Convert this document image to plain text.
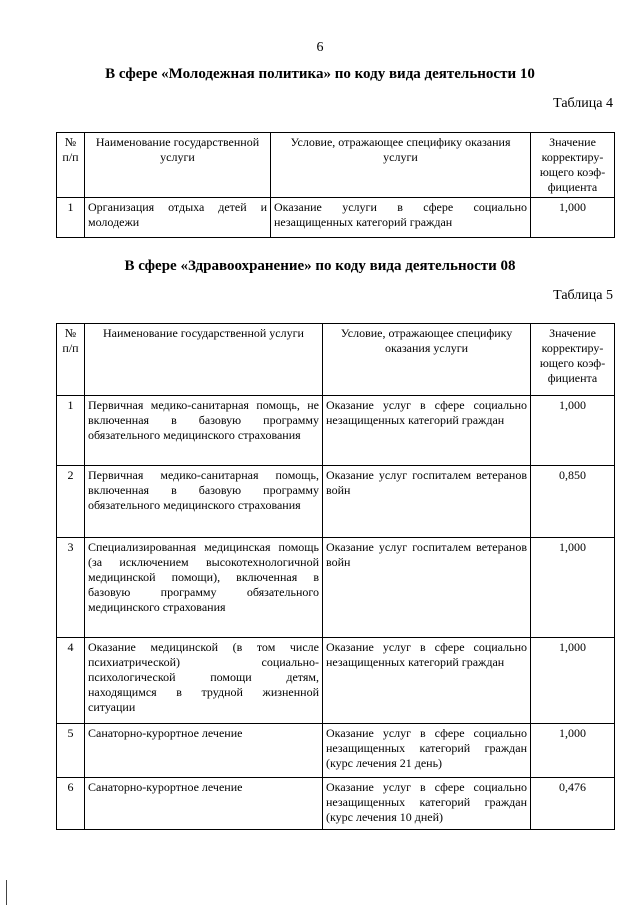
6
В сфере «Молодежная политика» по коду вида деятельности 10
Таблица 4
№ п/п	Наименование государственной услуги	Условие, отражающее специфику оказания услуги	Значение корректиру-ющего коэф-фициента
1	Организация отдыха детей и молодежи	Оказание услуги в сфере социально незащищенных категорий граждан	1,000
В сфере «Здравоохранение» по коду вида деятельности 08
Таблица 5
№ п/п	Наименование государственной услуги	Условие, отражающее специфику оказания услуги	Значение корректиру-ющего коэф-фициента
1	Первичная медико-санитарная помощь, не включенная в базовую программу обязательного медицинского страхования	Оказание услуг в сфере социально незащищенных категорий граждан	1,000
2	Первичная медико-санитарная помощь, включенная в базовую программу обязательного медицинского страхования	Оказание услуг госпиталем ветеранов войн	0,850
3	Специализированная медицинская помощь (за исключением высокотехнологичной медицинской помощи), включенная в базовую программу обязательного медицинского страхования	Оказание услуг госпиталем ветеранов войн	1,000
4	Оказание медицинской (в том числе психиатрической) социально-психологической помощи детям, находящимся в трудной жизненной ситуации	Оказание услуг в сфере социально незащищенных категорий граждан	1,000
5	Санаторно-курортное лечение	Оказание услуг в сфере социально незащищенных категорий граждан (курс лечения 21 день)	1,000
6	Санаторно-курортное лечение	Оказание услуг в сфере социально незащищенных категорий граждан (курс лечения 10 дней)	0,476
